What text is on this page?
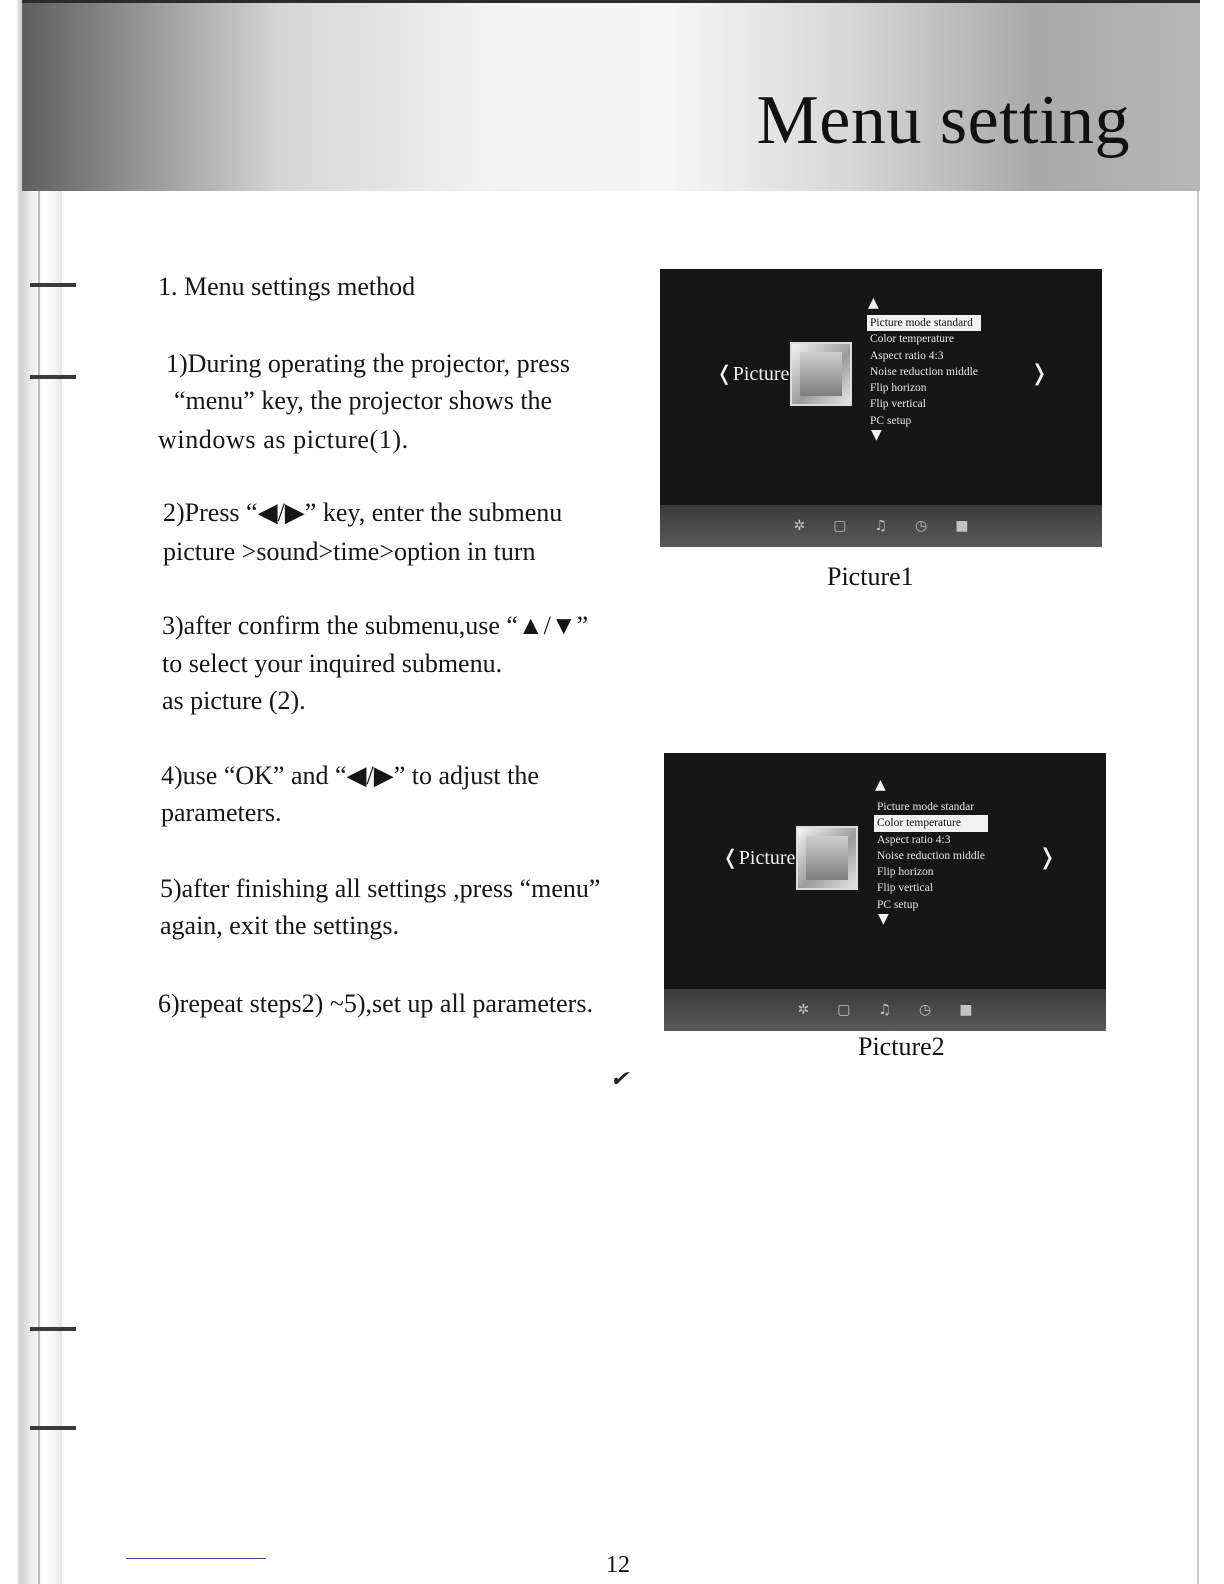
Menu setting
1. Menu settings method
1)During operating the projector, press
“menu” key, the projector shows the
windows as picture(1).
2)Press “◀/▶” key, enter the submenu
picture >sound>time>option in turn
3)after confirm the submenu,use “▲/▼”
to select your inquired submenu.
as picture (2).
4)use “OK” and “◀/▶” to adjust the
parameters.
5)after finishing all settings ,press “menu”
again, exit the settings.
6)repeat steps2) ~5),set up all parameters.
❬Picture
▲
Picture mode standard
Color temperature
Aspect ratio 4:3
Noise reduction middle
Flip horizon
Flip vertical
PC setup
▼
❭
✲ ▢ ♫ ◷ ■
Picture1
❬Picture
▲
Picture mode standar
Color temperature
Aspect ratio 4:3
Noise reduction middle
Flip horizon
Flip vertical
PC setup
▼
❭
✲ ▢ ♫ ◷ ■
Picture2
✔
12
